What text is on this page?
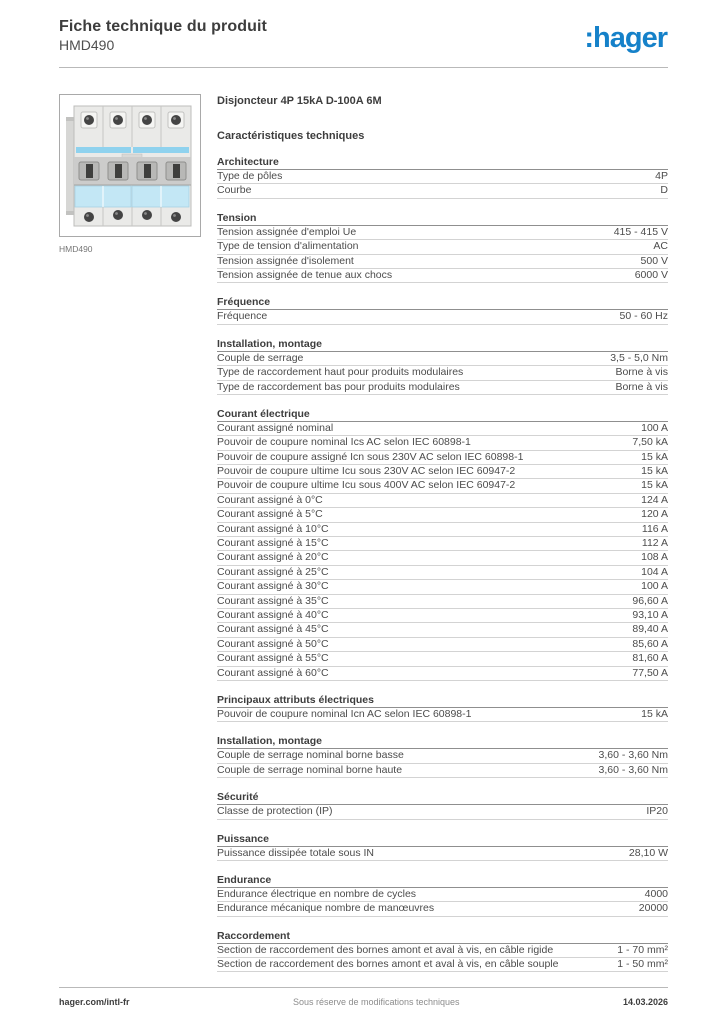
Fiche technique du produit
HMD490	:hager
HMD490
Disjoncteur 4P 15kA D-100A 6M
Caractéristiques techniques
Architecture
Type de pôles	4P
Courbe	D
Tension
Tension assignée d'emploi Ue	415 - 415 V
Type de tension d'alimentation	AC
Tension assignée d'isolement	500 V
Tension assignée de tenue aux chocs	6000 V
Fréquence
Fréquence	50 - 60 Hz
Installation, montage
Couple de serrage	3,5 - 5,0 Nm
Type de raccordement haut pour produits modulaires	Borne à vis
Type de raccordement bas pour produits modulaires	Borne à vis
Courant électrique
Courant assigné nominal	100 A
Pouvoir de coupure nominal Ics AC selon IEC 60898-1	7,50 kA
Pouvoir de coupure assigné Icn sous 230V AC selon IEC 60898-1	15 kA
Pouvoir de coupure ultime Icu sous 230V AC selon IEC 60947-2	15 kA
Pouvoir de coupure ultime Icu sous 400V AC selon IEC 60947-2	15 kA
Courant assigné à 0°C	124 A
Courant assigné à 5°C	120 A
Courant assigné à 10°C	116 A
Courant assigné à 15°C	112 A
Courant assigné à 20°C	108 A
Courant assigné à 25°C	104 A
Courant assigné à 30°C	100 A
Courant assigné à 35°C	96,60 A
Courant assigné à 40°C	93,10 A
Courant assigné à 45°C	89,40 A
Courant assigné à 50°C	85,60 A
Courant assigné à 55°C	81,60 A
Courant assigné à 60°C	77,50 A
Principaux attributs électriques
Pouvoir de coupure nominal Icn AC selon IEC 60898-1	15 kA
Installation, montage
Couple de serrage nominal borne basse	3,60 - 3,60 Nm
Couple de serrage nominal borne haute	3,60 - 3,60 Nm
Sécurité
Classe de protection (IP)	IP20
Puissance
Puissance dissipée totale sous IN	28,10 W
Endurance
Endurance électrique en nombre de cycles	4000
Endurance mécanique nombre de manœuvres	20000
Raccordement
Section de raccordement des bornes amont et aval à vis, en câble rigide	1 - 70 mm²
Section de raccordement des bornes amont et aval à vis, en câble souple	1 - 50 mm²
hager.com/intl-fr	Sous réserve de modifications techniques	14.03.2026
